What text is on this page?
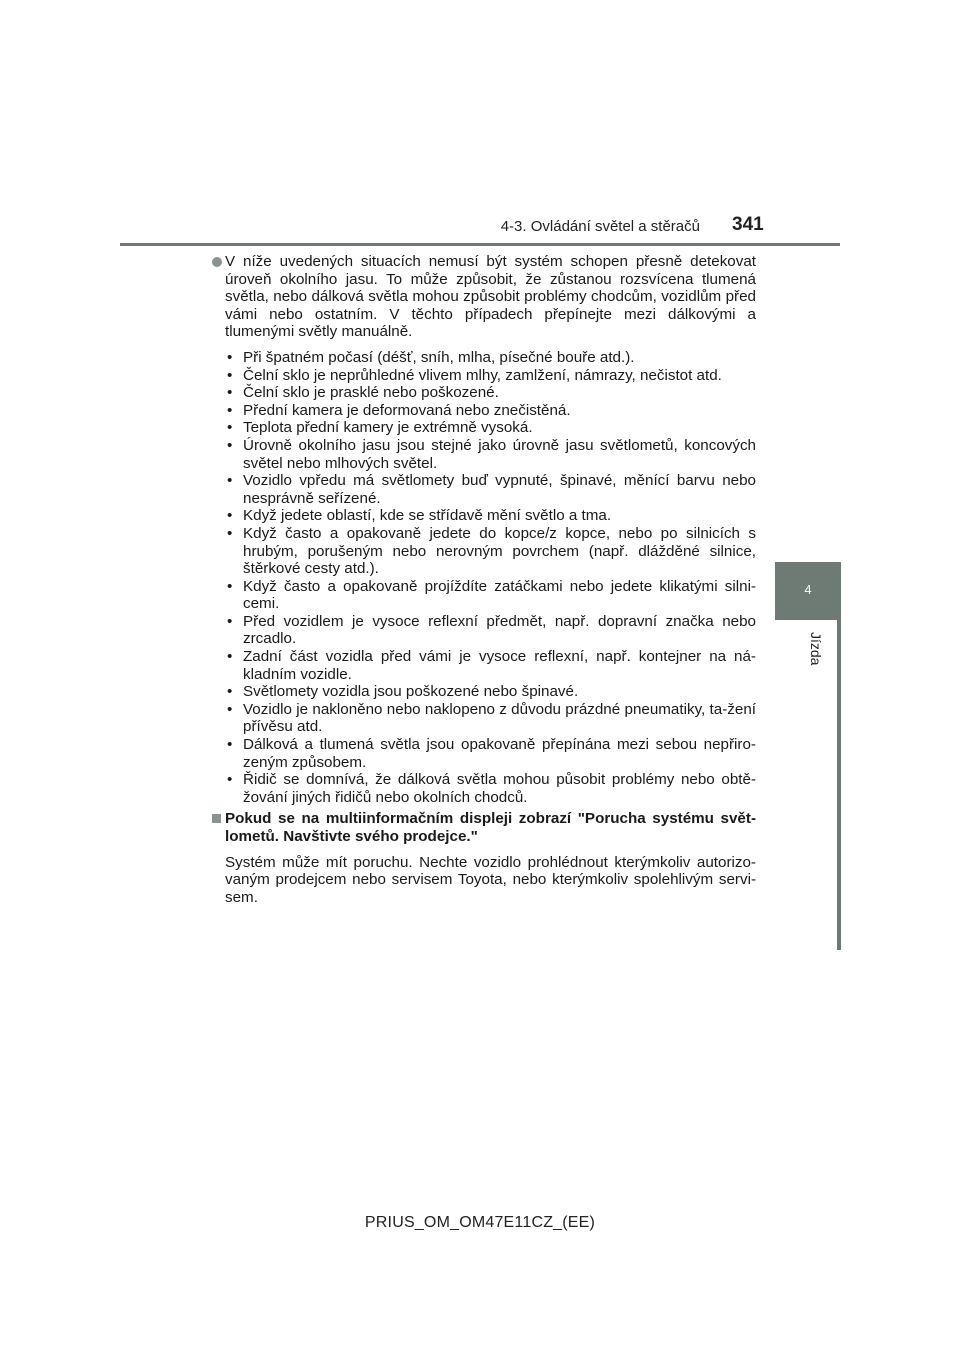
4-3. Ovládání světel a stěračů 341
4
Jízda
V níže uvedených situacích nemusí být systém schopen přesně detekovat úroveň okolního jasu. To může způsobit, že zůstanou rozsvícena tlumená světla, nebo dálková světla mohou způsobit problémy chodcům, vozidlům před vámi nebo ostatním. V těchto případech přepínejte mezi dálkovými a tlumenými světly manuálně.
• Při špatném počasí (déšť, sníh, mlha, písečné bouře atd.).
• Čelní sklo je neprůhledné vlivem mlhy, zamlžení, námrazy, nečistot atd.
• Čelní sklo je prasklé nebo poškozené.
• Přední kamera je deformovaná nebo znečistěná.
• Teplota přední kamery je extrémně vysoká.
• Úrovně okolního jasu jsou stejné jako úrovně jasu světlometů, koncových světel nebo mlhových světel.
• Vozidlo vpředu má světlomety buď vypnuté, špinavé, měnící barvu nebo nesprávně seřízené.
• Když jedete oblastí, kde se střídavě mění světlo a tma.
• Když často a opakovaně jedete do kopce/z kopce, nebo po silnicích s hrubým, porušeným nebo nerovným povrchem (např. dlážděné silnice, štěrkové cesty atd.).
• Když často a opakovaně projíždíte zatáčkami nebo jedete klikatými silni-cemi.
• Před vozidlem je vysoce reflexní předmět, např. dopravní značka nebo zrcadlo.
• Zadní část vozidla před vámi je vysoce reflexní, např. kontejner na ná-kladním vozidle.
• Světlomety vozidla jsou poškozené nebo špinavé.
• Vozidlo je nakloněno nebo naklopeno z důvodu prázdné pneumatiky, ta-žení přívěsu atd.
• Dálková a tlumená světla jsou opakovaně přepínána mezi sebou nepřiro-zeným způsobem.
• Řidič se domnívá, že dálková světla mohou působit problémy nebo obtě-žování jiných řidičů nebo okolních chodců.
Pokud se na multiinformačním displeji zobrazí "Porucha systému svět-lometů. Navštivte svého prodejce."
Systém může mít poruchu. Nechte vozidlo prohlédnout kterýmkoliv autorizo-vaným prodejcem nebo servisem Toyota, nebo kterýmkoliv spolehlivým servi-sem.
PRIUS_OM_OM47E11CZ_(EE)
